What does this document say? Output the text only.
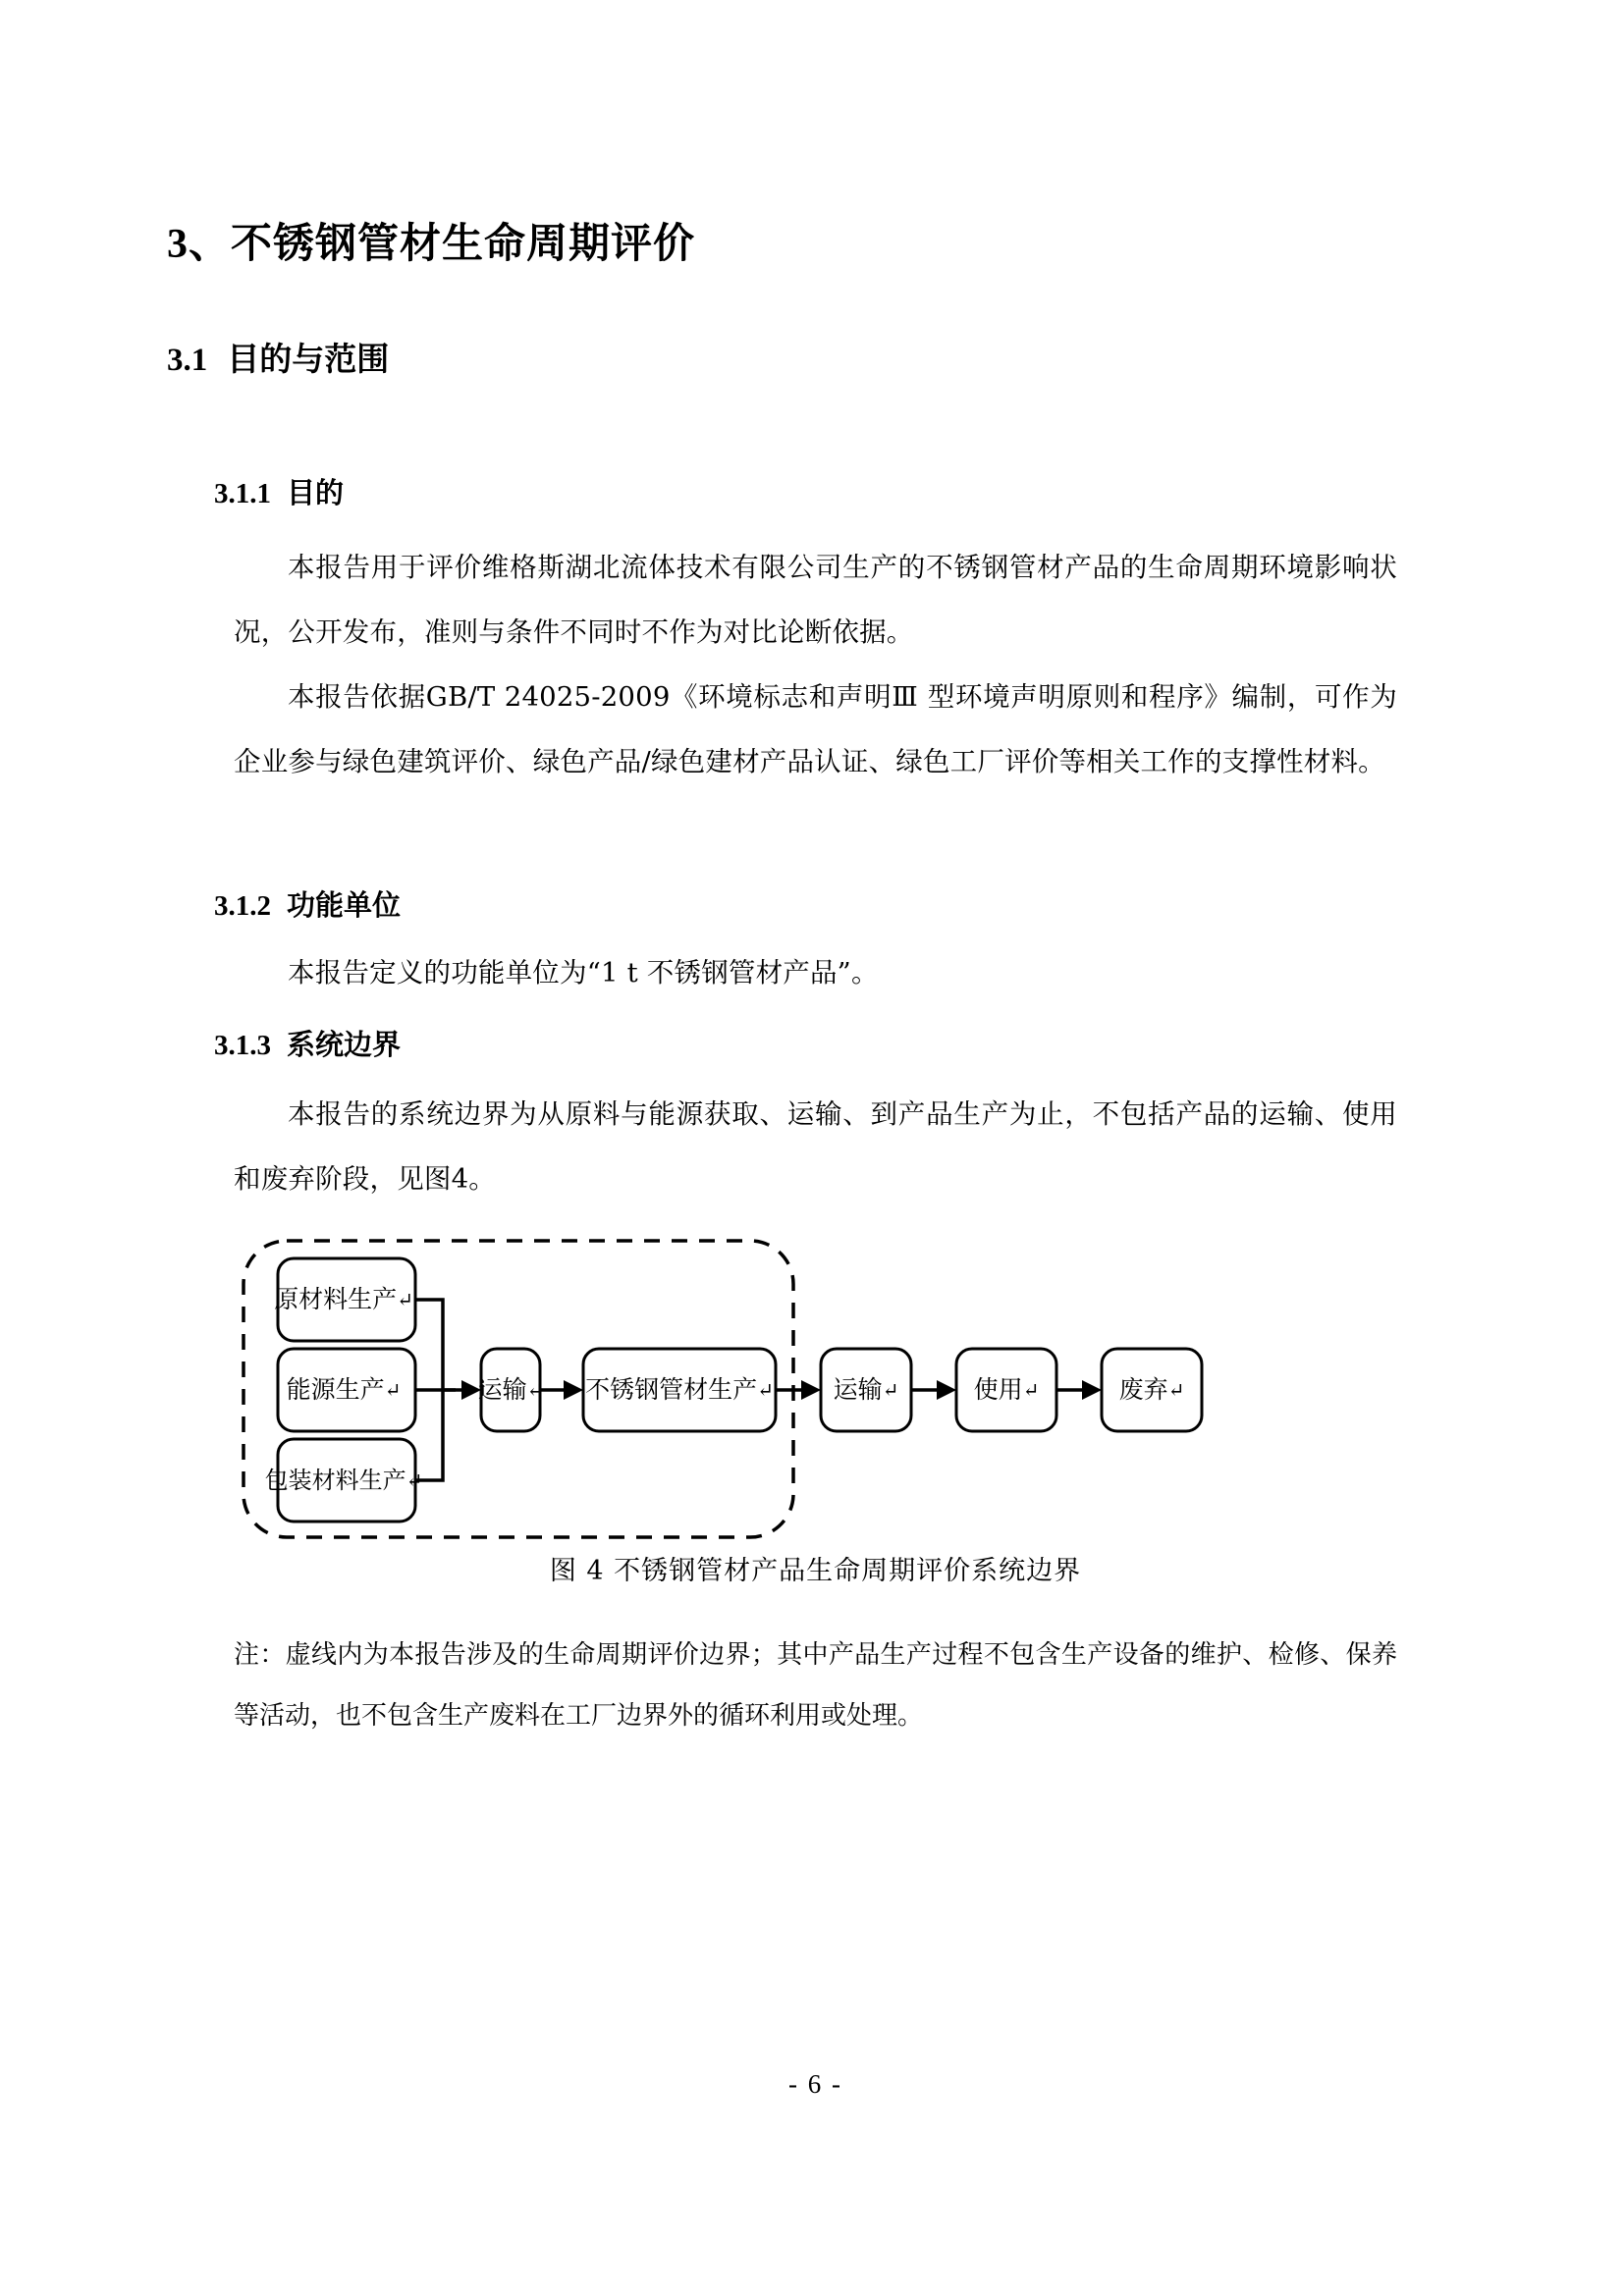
3、不锈钢管材生命周期评价
3.1 目的与范围
3.1.1 目的
本报告用于评价维格斯湖北流体技术有限公司生产的不锈钢管材产品的生命周期环境影响状况，公开发布，准则与条件不同时不作为对比论断依据。
本报告依据GB/T 24025-2009《环境标志和声明Ⅲ 型环境声明原则和程序》编制，可作为企业参与绿色建筑评价、绿色产品/绿色建材产品认证、绿色工厂评价等相关工作的支撑性材料。
3.1.2 功能单位
本报告定义的功能单位为“1 t 不锈钢管材产品”。
3.1.3 系统边界
本报告的系统边界为从原料与能源获取、运输、到产品生产为止，不包括产品的运输、使用和废弃阶段，见图4。
原材料生产↵
能源生产↵
包装材料生产↵
运输↵ 不锈钢管材生产↵ 运输↵	使用↵	废弃↵
图 4 不锈钢管材产品生命周期评价系统边界
注：虚线内为本报告涉及的生命周期评价边界；其中产品生产过程不包含生产设备的维护、检修、保养等活动，也不包含生产废料在工厂边界外的循环利用或处理。
- 6 -
